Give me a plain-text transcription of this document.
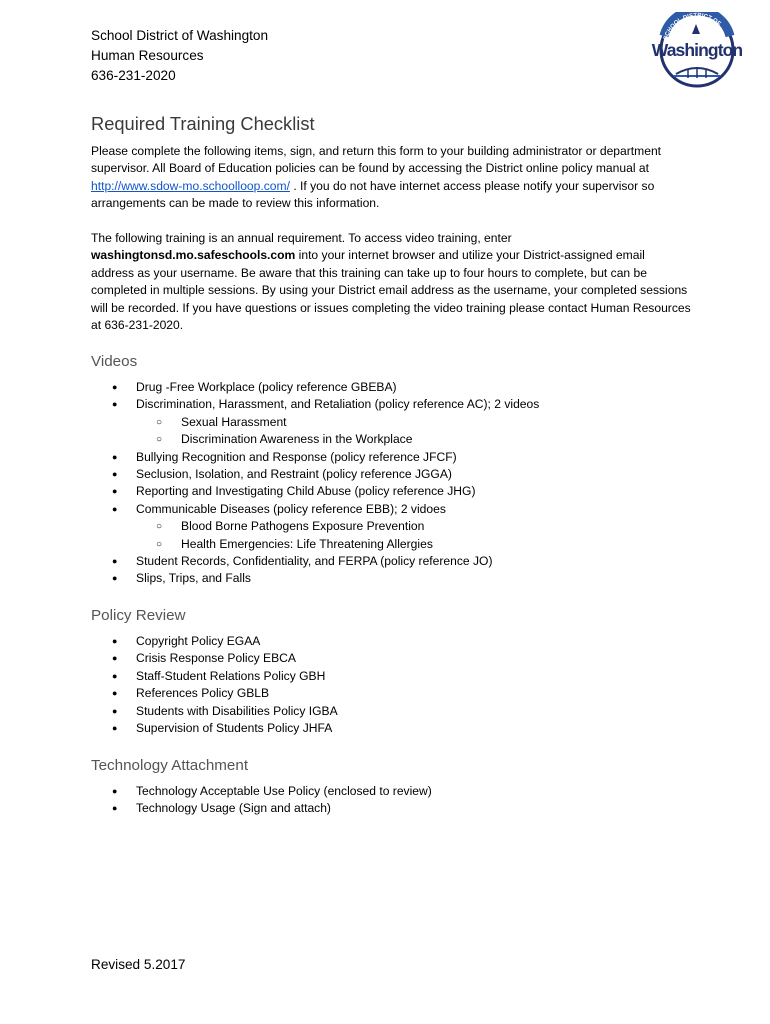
School District of Washington
Human Resources
636-231-2020
SCHOOL DISTRICT OF
Washington
Required Training Checklist

Please complete the following items, sign, and return this form to your building administrator or department supervisor. All Board of Education policies can be found by accessing the District online policy manual at http://www.sdow-mo.schoolloop.com/ . If you do not have internet access please notify your supervisor so arrangements can be made to review this information.

The following training is an annual requirement. To access video training, enter washingtonsd.mo.safeschools.com into your internet browser and utilize your District-assigned email address as your username. Be aware that this training can take up to four hours to complete, but can be completed in multiple sessions. By using your District email address as the username, your completed sessions will be recorded. If you have questions or issues completing the video training please contact Human Resources at 636-231-2020.

Videos
● Drug -Free Workplace (policy reference GBEBA)
● Discrimination, Harassment, and Retaliation (policy reference AC); 2 videos
○ Sexual Harassment
○ Discrimination Awareness in the Workplace
● Bullying Recognition and Response (policy reference JFCF)
● Seclusion, Isolation, and Restraint (policy reference JGGA)
● Reporting and Investigating Child Abuse (policy reference JHG)
● Communicable Diseases (policy reference EBB); 2 vidoes
○ Blood Borne Pathogens Exposure Prevention
○ Health Emergencies: Life Threatening Allergies
● Student Records, Confidentiality, and FERPA (policy reference JO)
● Slips, Trips, and Falls
Policy Review
● Copyright Policy EGAA
● Crisis Response Policy EBCA
● Staff-Student Relations Policy GBH
● References Policy GBLB
● Students with Disabilities Policy IGBA
● Supervision of Students Policy JHFA
Technology Attachment
● Technology Acceptable Use Policy (enclosed to review)
● Technology Usage (Sign and attach)
Revised 5.2017
